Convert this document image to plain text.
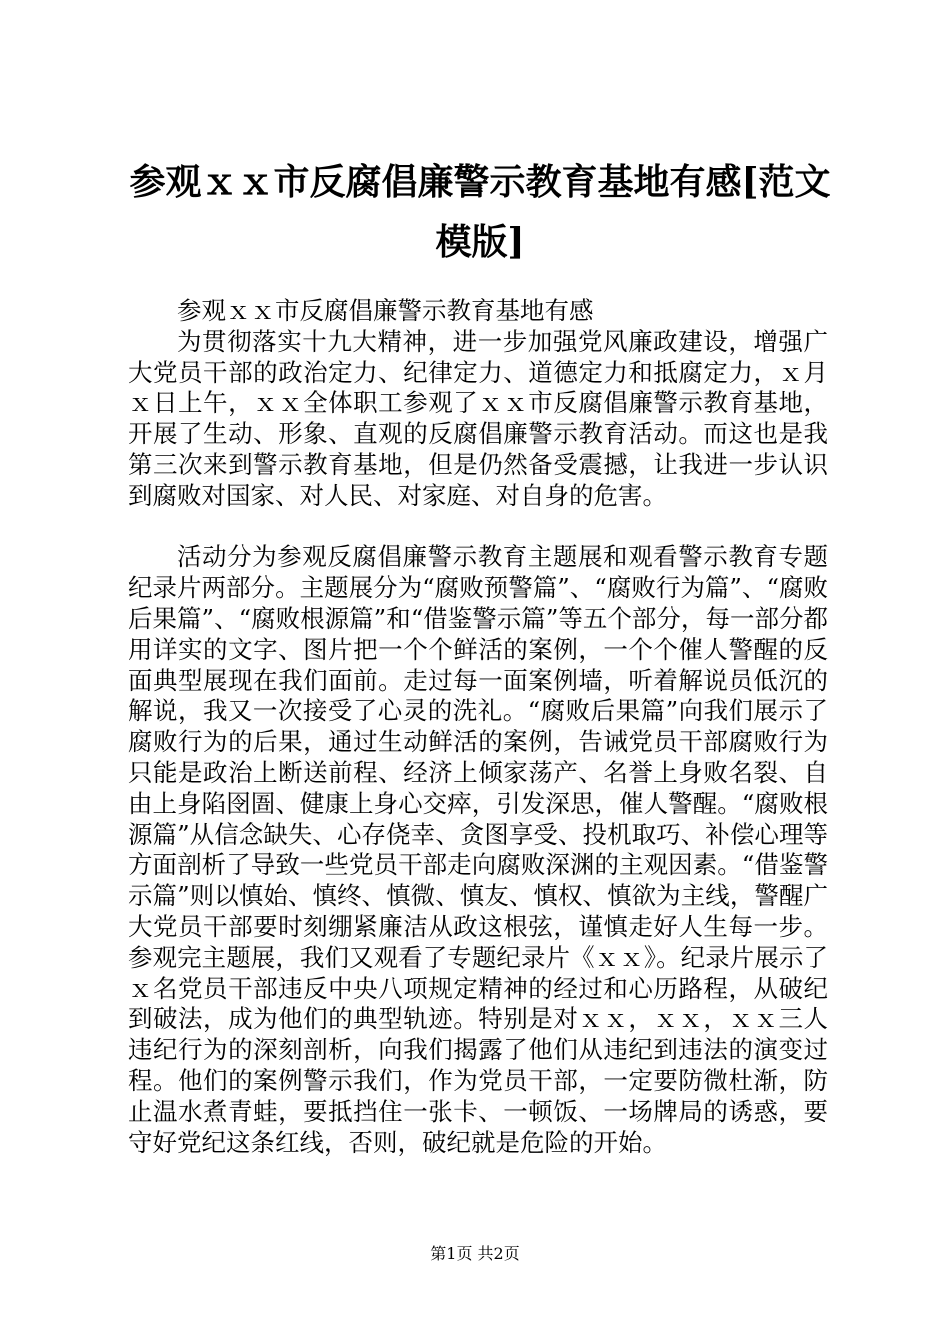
参观ｘｘ市反腐倡廉警示教育基地有感[范文模版]

参观ｘｘ市反腐倡廉警示教育基地有感

为贯彻落实十九大精神，进一步加强党风廉政建设，增强广大党员干部的政治定力、纪律定力、道德定力和抵腐定力，ｘ月ｘ日上午，ｘｘ全体职工参观了ｘｘ市反腐倡廉警示教育基地，开展了生动、形象、直观的反腐倡廉警示教育活动。而这也是我第三次来到警示教育基地，但是仍然备受震撼，让我进一步认识到腐败对国家、对人民、对家庭、对自身的危害。

活动分为参观反腐倡廉警示教育主题展和观看警示教育专题纪录片两部分。主题展分为“腐败预警篇”、“腐败行为篇”、“腐败后果篇”、“腐败根源篇”和“借鉴警示篇”等五个部分，每一部分都用详实的文字、图片把一个个鲜活的案例，一个个催人警醒的反面典型展现在我们面前。走过每一面案例墙，听着解说员低沉的解说，我又一次接受了心灵的洗礼。“腐败后果篇”向我们展示了腐败行为的后果，通过生动鲜活的案例，告诫党员干部腐败行为只能是政治上断送前程、经济上倾家荡产、名誉上身败名裂、自由上身陷囹圄、健康上身心交瘁，引发深思，催人警醒。“腐败根源篇”从信念缺失、心存侥幸、贪图享受、投机取巧、补偿心理等方面剖析了导致一些党员干部走向腐败深渊的主观因素。“借鉴警示篇”则以慎始、慎终、慎微、慎友、慎权、慎欲为主线，警醒广大党员干部要时刻绷紧廉洁从政这根弦，谨慎走好人生每一步。参观完主题展，我们又观看了专题纪录片《ｘｘ》。纪录片展示了ｘ名党员干部违反中央八项规定精神的经过和心历路程，从破纪到破法，成为他们的典型轨迹。特别是对ｘｘ，ｘｘ，ｘｘ三人违纪行为的深刻剖析，向我们揭露了他们从违纪到违法的演变过程。他们的案例警示我们，作为党员干部，一定要防微杜渐，防止温水煮青蛙，要抵挡住一张卡、一顿饭、一场牌局的诱惑，要守好党纪这条红线，否则，破纪就是危险的开始。

第1页 共2页
